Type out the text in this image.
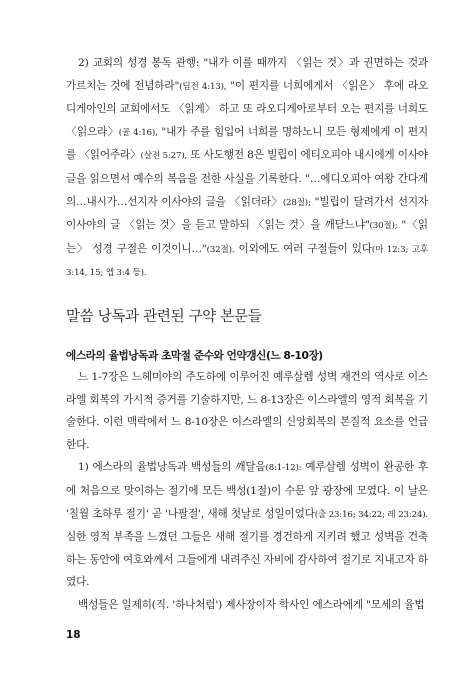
2) 교회의 성경 봉독 관행: "내가 이를 때까지 〈읽는 것〉과 권면하는 것과 가르치는 것에 전념하라"(딤전 4:13), "이 편지를 너희에게서 〈읽은〉 후에 라오디게아인의 교회에서도 〈읽게〉 하고 또 라오디게아로부터 오는 편지를 너희도 〈읽으라〉(골 4:16), "내가 주를 힘입어 너희를 명하노니 모든 형제에게 이 편지를 〈읽어주라〉(살전 5:27), 또 사도행전 8은 빌립이 에티오피아 내시에게 이사야 글을 읽으면서 예수의 복음을 전한 사실을 기록한다. "…에디오피아 여왕 간다게의…내시가…선지자 이사야의 글을 〈읽더라〉(28절); "빌립이 달려가서 선지자 이사야의 글 〈읽는 것〉을 듣고 말하되 〈읽는 것〉을 깨닫느냐"(30절); "〈읽는〉 성경 구절은 이것이니…"(32절). 이외에도 여러 구절들이 있다(마 12:3; 고후 3:14, 15; 엡 3:4 등).

말씀 낭독과 관련된 구약 본문들
에스라의 율법낭독과 초막절 준수와 언약갱신(느 8-10장)

느 1-7장은 느헤미야의 주도하에 이루어진 예루살렘 성벽 재건의 역사로 이스라엘 회복의 가시적 증거를 기술하지만, 느 8-13장은 이스라엘의 영적 회복을 기술한다. 이런 맥락에서 느 8-10장은 이스라엘의 신앙회복의 본질적 요소를 언급한다.

1) 에스라의 율법낭독과 백성들의 깨달음(8:1-12): 예루살렘 성벽이 완공한 후에 처음으로 맞이하는 절기에 모든 백성(1절)이 수문 앞 광장에 모였다. 이 날은 '칠월 초하루 절기' 곧 '나팔절', 새해 첫날로 성일이었다(출 23:16; 34:22; 레 23:24). 심한 영적 부족을 느꼈던 그들은 새해 절기를 경건하게 지키려 했고 성벽을 건축하는 동안에 여호와께서 그들에게 내려주신 자비에 감사하여 절기로 지내고자 하였다.

백성들은 일제히(직. '하나처럼') 제사장이자 학사인 에스라에게 "모세의 율법

18
